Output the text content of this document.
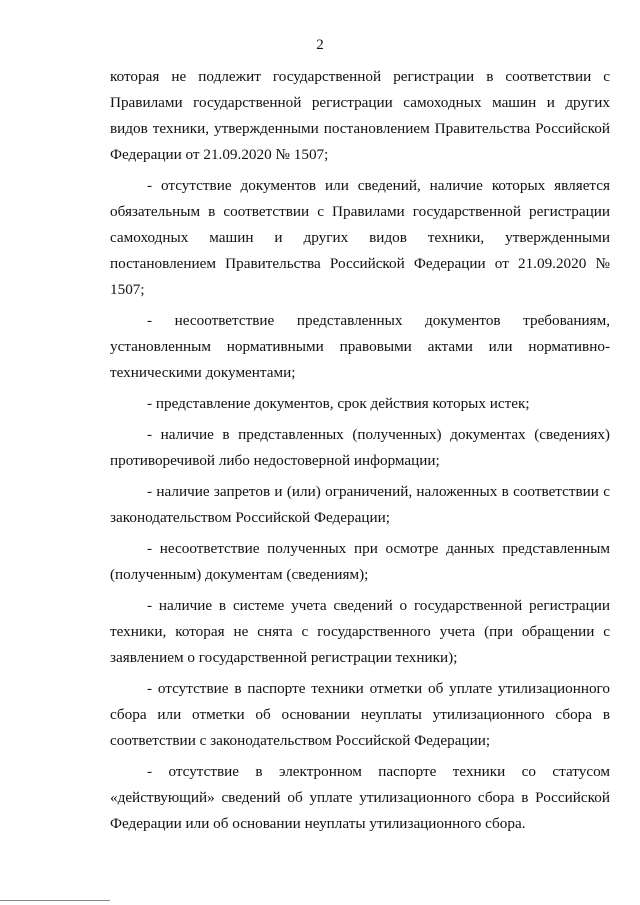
2

которая не подлежит государственной регистрации в соответствии с Правилами государственной регистрации самоходных машин и других видов техники, утвержденными постановлением Правительства Российской Федерации от 21.09.2020 № 1507;

- отсутствие документов или сведений, наличие которых является обязательным в соответствии с Правилами государственной регистрации самоходных машин и других видов техники, утвержденными постановлением Правительства Российской Федерации от 21.09.2020 № 1507;

- несоответствие представленных документов требованиям, установленным нормативными правовыми актами или нормативно-техническими документами;

- представление документов, срок действия которых истек;

- наличие в представленных (полученных) документах (сведениях) противоречивой либо недостоверной информации;

- наличие запретов и (или) ограничений, наложенных в соответствии с законодательством Российской Федерации;

- несоответствие полученных при осмотре данных представленным (полученным) документам (сведениям);

- наличие в системе учета сведений о государственной регистрации техники, которая не снята с государственного учета (при обращении с заявлением о государственной регистрации техники);

- отсутствие в паспорте техники отметки об уплате утилизационного сбора или отметки об основании неуплаты утилизационного сбора в соответствии с законодательством Российской Федерации;

- отсутствие в электронном паспорте техники со статусом «действующий» сведений об уплате утилизационного сбора в Российской Федерации или об основании неуплаты утилизационного сбора.
